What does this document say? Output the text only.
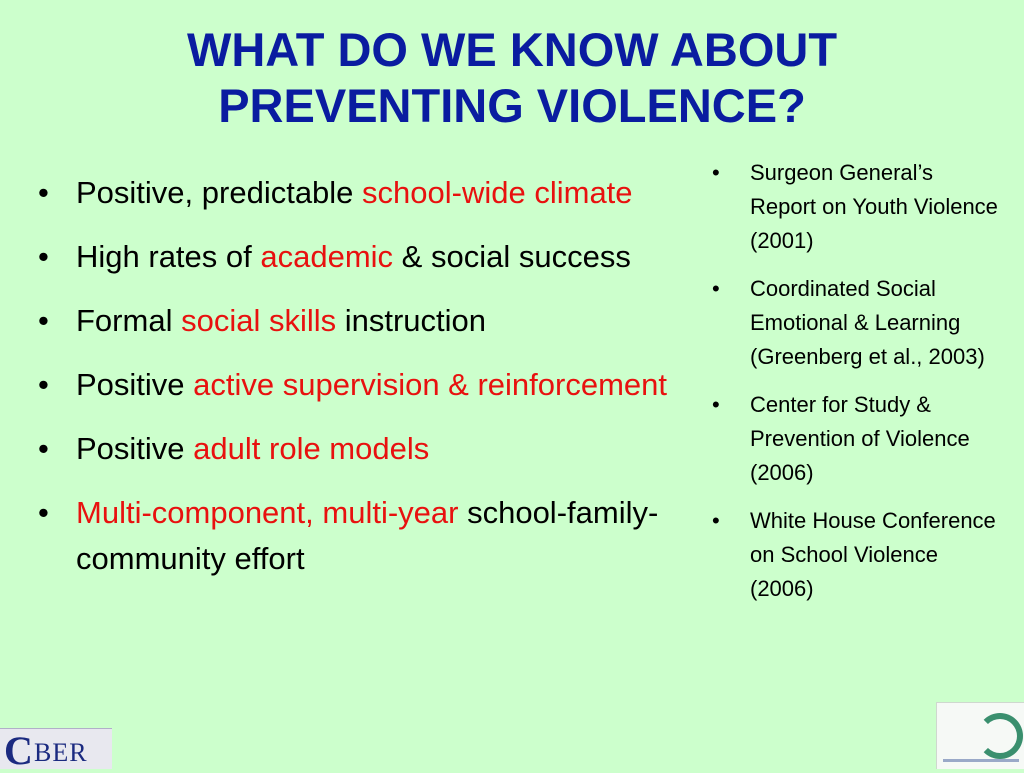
WHAT DO WE KNOW ABOUT
PREVENTING VIOLENCE?
• Positive, predictable school-wide climate
• High rates of academic & social success
• Formal social skills instruction
• Positive active supervision & reinforcement
• Positive adult role models
• Multi-component, multi-year school-family-community effort
• Surgeon General’s Report on Youth Violence (2001)
• Coordinated Social Emotional & Learning (Greenberg et al., 2003)
• Center for Study & Prevention of Violence (2006)
• White House Conference on School Violence (2006)
C BER
